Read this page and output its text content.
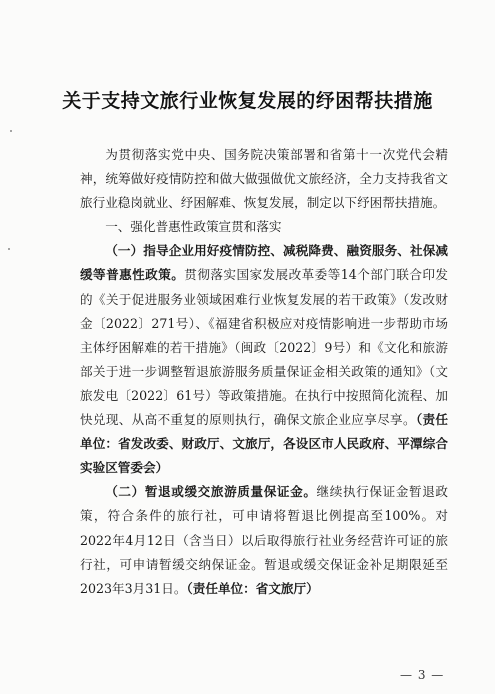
关于支持文旅行业恢复发展的纾困帮扶措施

为贯彻落实党中央、国务院决策部署和省第十一次党代会精神，统筹做好疫情防控和做大做强做优文旅经济，全力支持我省文旅行业稳岗就业、纾困解难、恢复发展，制定以下纾困帮扶措施。

一、强化普惠性政策宣贯和落实

（一）指导企业用好疫情防控、减税降费、融资服务、社保减缓等普惠性政策。贯彻落实国家发展改革委等14个部门联合印发的《关于促进服务业领域困难行业恢复发展的若干政策》（发改财金〔2022〕271号）、《福建省积极应对疫情影响进一步帮助市场主体纾困解难的若干措施》（闽政〔2022〕9号）和《文化和旅游部关于进一步调整暂退旅游服务质量保证金相关政策的通知》（文旅发电〔2022〕61号）等政策措施。在执行中按照简化流程、加快兑现、从高不重复的原则执行，确保文旅企业应享尽享。（责任单位：省发改委、财政厅、文旅厅，各设区市人民政府、平潭综合实验区管委会）

（二）暂退或缓交旅游质量保证金。继续执行保证金暂退政策，符合条件的旅行社，可申请将暂退比例提高至100%。对2022年4月12日（含当日）以后取得旅行社业务经营许可证的旅行社，可申请暂缓交纳保证金。暂退或缓交保证金补足期限延至2023年3月31日。（责任单位：省文旅厅）

— 3 —
